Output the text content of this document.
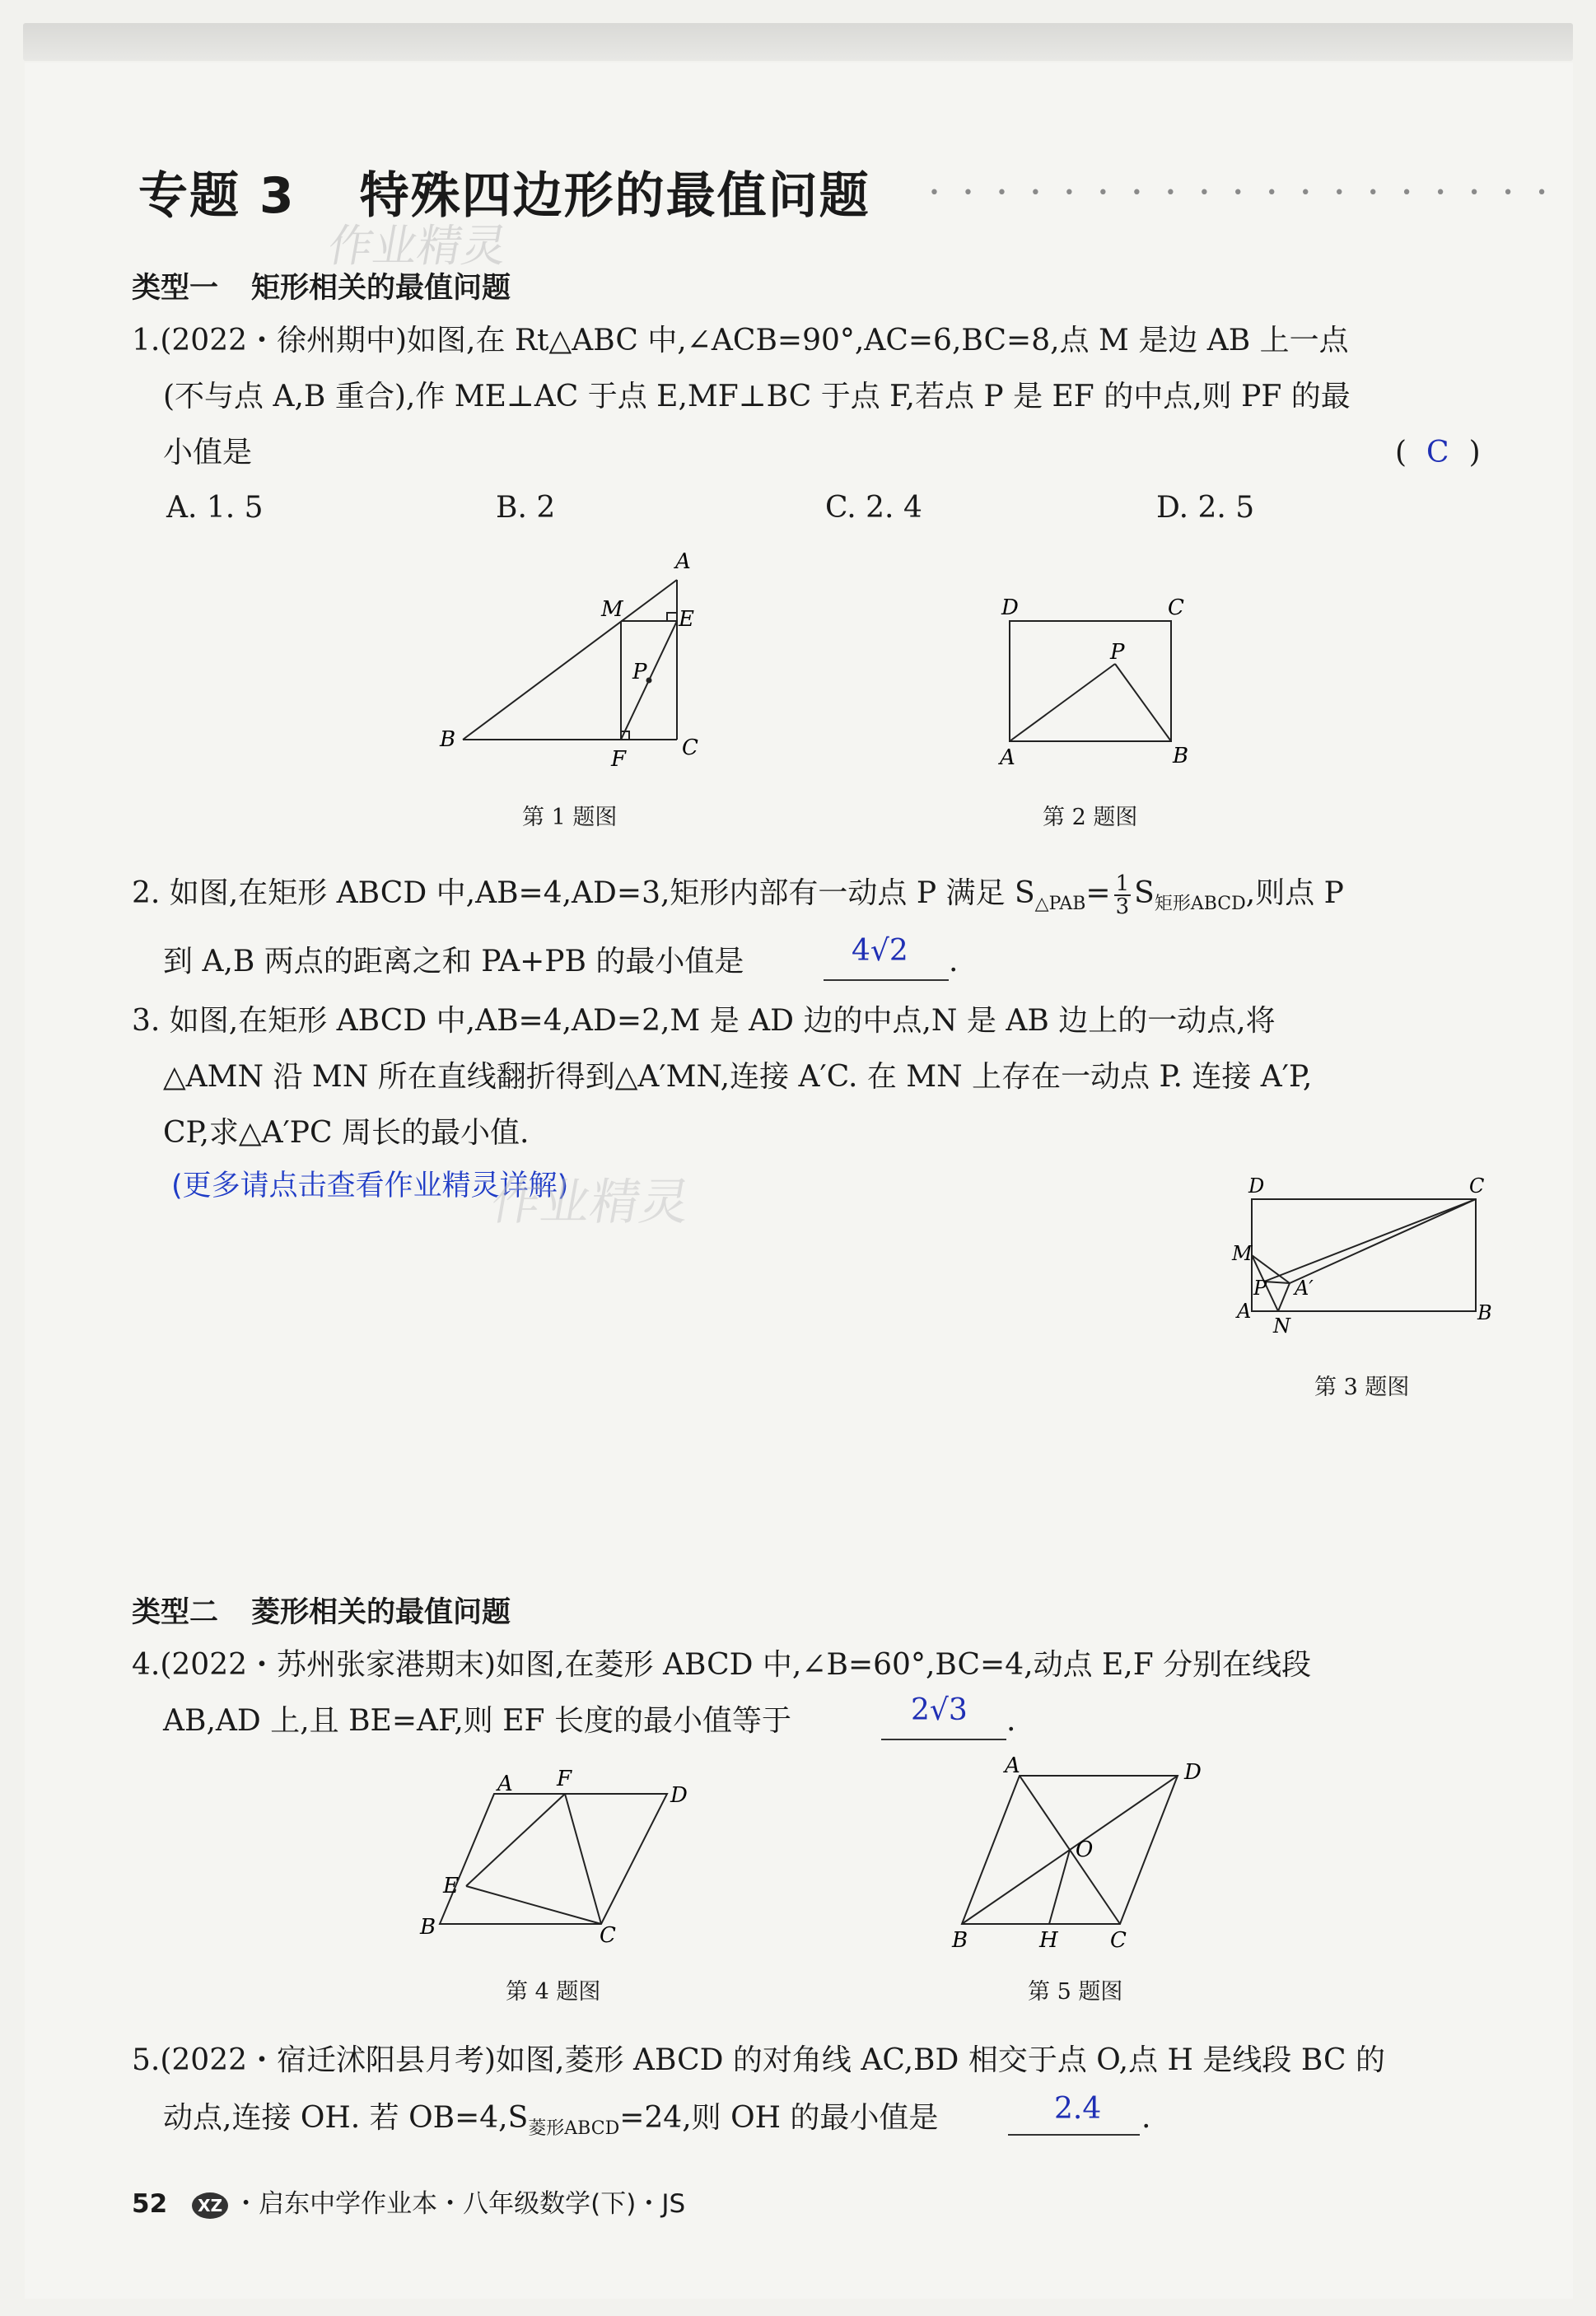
专题 3 特殊四边形的最值问题	•••••••••••••••••••
作业精灵
类型一 矩形相关的最值问题
1.(2022・徐州期中)如图,在 Rt△ABC 中,∠ACB=90°,AC=6,BC=8,点 M 是边 AB 上一点
(不与点 A,B 重合),作 ME⊥AC 于点 E,MF⊥BC 于点 F,若点 P 是 EF 的中点,则 PF 的最
小值是	( C )
A. 1. 5	B. 2	C. 2. 4	D. 2. 5
A
B	C
E
F
M
P
第 1 题图
D	C
A	B
P
第 2 题图
2. 如图,在矩形 ABCD 中,AB=4,AD=3,矩形内部有一动点 P 满足 $S_{\triangle PAB}= \frac{1}{3} S_{矩形ABCD}$,则点 P
到 A,B 两点的距离之和 PA+PB 的最小值是	4√2 .
3. 如图,在矩形 ABCD 中,AB=4,AD=2,M 是 AD 边的中点,N 是 AB 边上的一动点,将
△AMN 沿 MN 所在直线翻折得到△A′MN,连接 A′C. 在 MN 上存在一动点 P. 连接 A′P,
CP,求△A′PC 周长的最小值.
(更多请点击查看作业精灵详解)
作业精灵	D	C
M
P A′
A
N
B
第 3 题图
类型二 菱形相关的最值问题
4.(2022・苏州张家港期末)如图,在菱形 ABCD 中,∠B=60°,BC=4,动点 E,F 分别在线段
AB,AD 上,且 BE=AF,则 EF 长度的最小值等于	2√3 .
A F
D
E
B	C
第 4 题图
A	D
O
B	H C
第 5 题图
5.(2022・宿迁沭阳县月考)如图,菱形 ABCD 的对角线 AC,BD 相交于点 O,点 H 是线段 BC 的
动点,连接 OH. 若 $OB=4,S_{菱形ABCD}=24$,则 OH 的最小值是	2.4 .
52 XZ ・启东中学作业本・八年级数学(下)・JS
